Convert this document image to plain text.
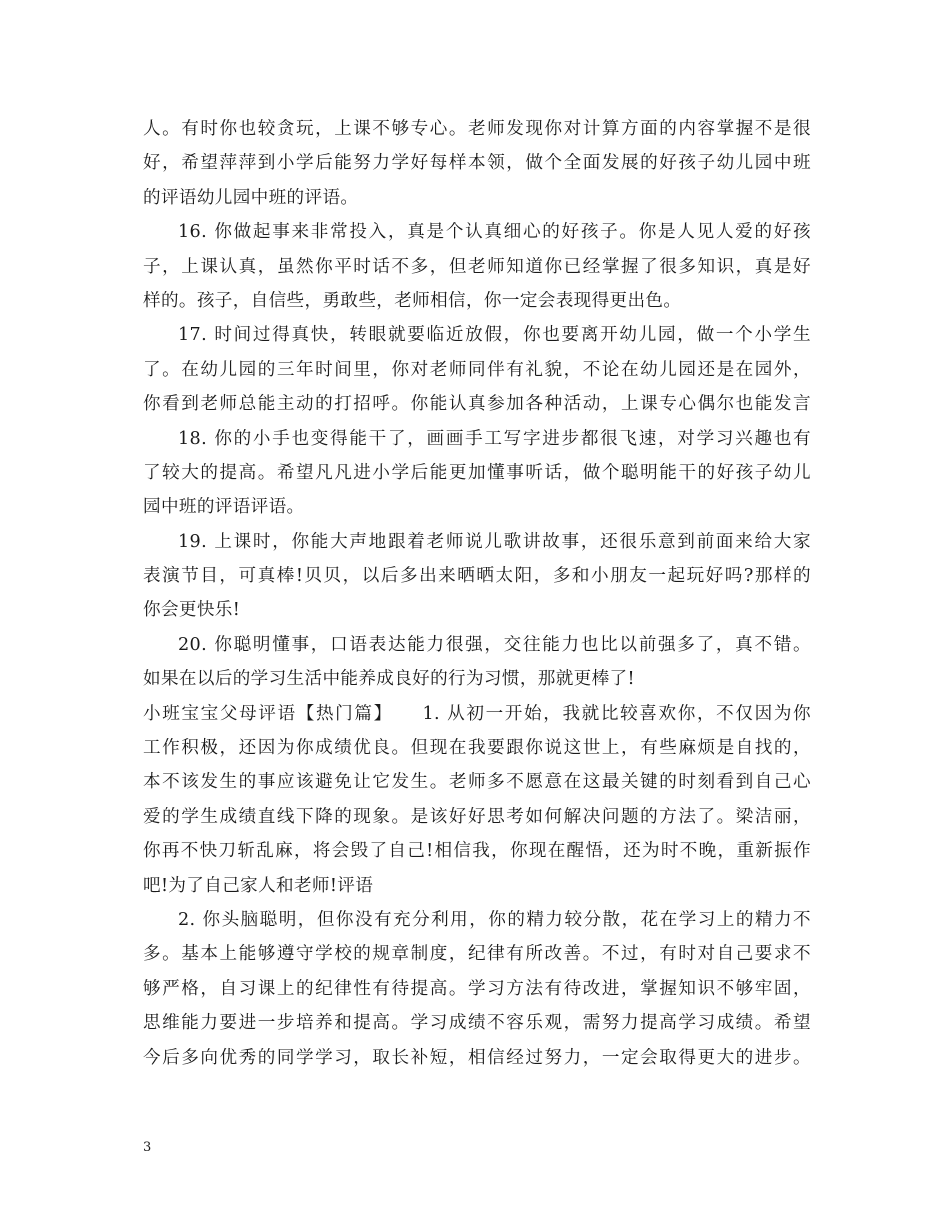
人。有时你也较贪玩，上课不够专心。老师发现你对计算方面的内容掌握不是很
好，希望萍萍到小学后能努力学好每样本领，做个全面发展的好孩子幼儿园中班
的评语幼儿园中班的评语。
16. 你做起事来非常投入，真是个认真细心的好孩子。你是人见人爱的好孩
子，上课认真，虽然你平时话不多，但老师知道你已经掌握了很多知识，真是好
样的。孩子，自信些，勇敢些，老师相信，你一定会表现得更出色。
17. 时间过得真快，转眼就要临近放假，你也要离开幼儿园，做一个小学生
了。在幼儿园的三年时间里，你对老师同伴有礼貌，不论在幼儿园还是在园外，
你看到老师总能主动的打招呼。你能认真参加各种活动，上课专心偶尔也能发言
18. 你的小手也变得能干了，画画手工写字进步都很飞速，对学习兴趣也有
了较大的提高。希望凡凡进小学后能更加懂事听话，做个聪明能干的好孩子幼儿
园中班的评语评语。
19. 上课时，你能大声地跟着老师说儿歌讲故事，还很乐意到前面来给大家
表演节目，可真棒!贝贝，以后多出来晒晒太阳，多和小朋友一起玩好吗?那样的
你会更快乐!
20. 你聪明懂事，口语表达能力很强，交往能力也比以前强多了，真不错。
如果在以后的学习生活中能养成良好的行为习惯，那就更棒了!
小班宝宝父母评语【热门篇】　　1. 从初一开始，我就比较喜欢你，不仅因为你
工作积极，还因为你成绩优良。但现在我要跟你说这世上，有些麻烦是自找的，
本不该发生的事应该避免让它发生。老师多不愿意在这最关键的时刻看到自己心
爱的学生成绩直线下降的现象。是该好好思考如何解决问题的方法了。梁洁丽，
你再不快刀斩乱麻，将会毁了自己!相信我，你现在醒悟，还为时不晚，重新振作
吧!为了自己家人和老师!评语
2. 你头脑聪明，但你没有充分利用，你的精力较分散，花在学习上的精力不
多。基本上能够遵守学校的规章制度，纪律有所改善。不过，有时对自己要求不
够严格，自习课上的纪律性有待提高。学习方法有待改进，掌握知识不够牢固，
思维能力要进一步培养和提高。学习成绩不容乐观，需努力提高学习成绩。希望
今后多向优秀的同学学习，取长补短，相信经过努力，一定会取得更大的进步。
3
